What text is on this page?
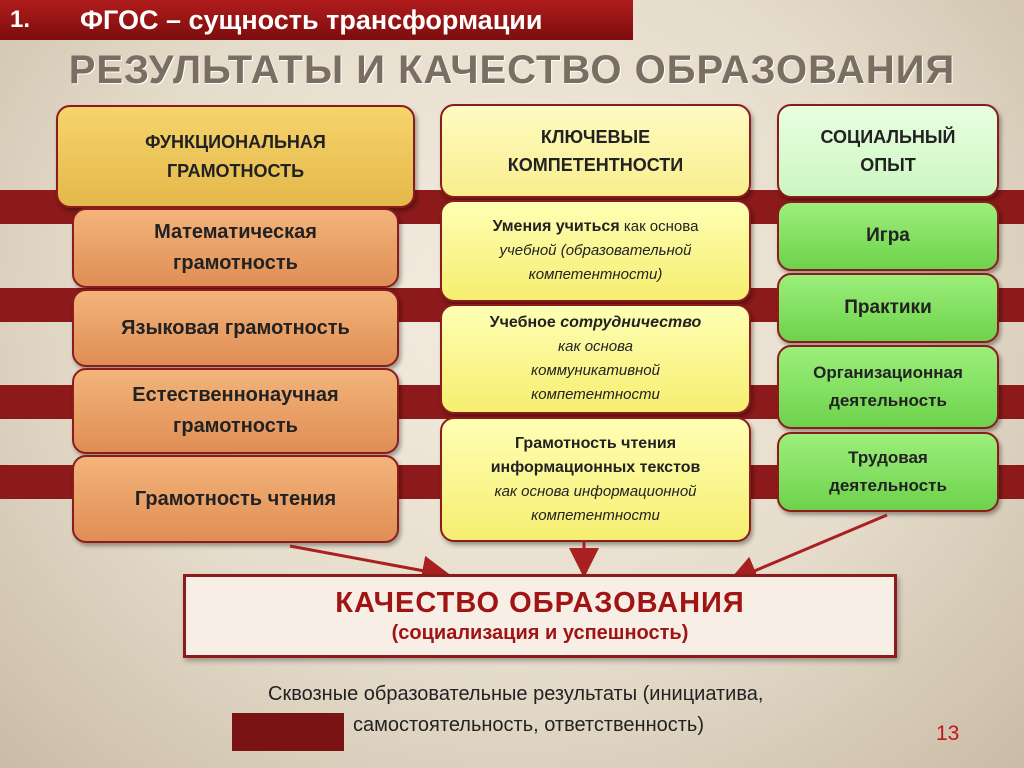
1.	ФГОС – сущность трансформации
РЕЗУЛЬТАТЫ И КАЧЕСТВО ОБРАЗОВАНИЯ
ФУНКЦИОНАЛЬНАЯ
ГРАМОТНОСТЬ
Математическая
грамотность
Языковая грамотность
Естественнонаучная
грамотность
Грамотность чтения
КЛЮЧЕВЫЕ
КОМПЕТЕНТНОСТИ
Умения учиться как основа
учебной (образовательной
компетентности)
Учебное сотрудничество
как основа
коммуникативной
компетентности
Грамотность чтения
информационных текстов
как основа информационной
компетентности
СОЦИАЛЬНЫЙ
ОПЫТ
Игра
Практики
Организационная
деятельность
Трудовая
деятельность
КАЧЕСТВО ОБРАЗОВАНИЯ
(социализация и успешность)
Сквозные образовательные результаты (инициатива,
самостоятельность, ответственность)	13
